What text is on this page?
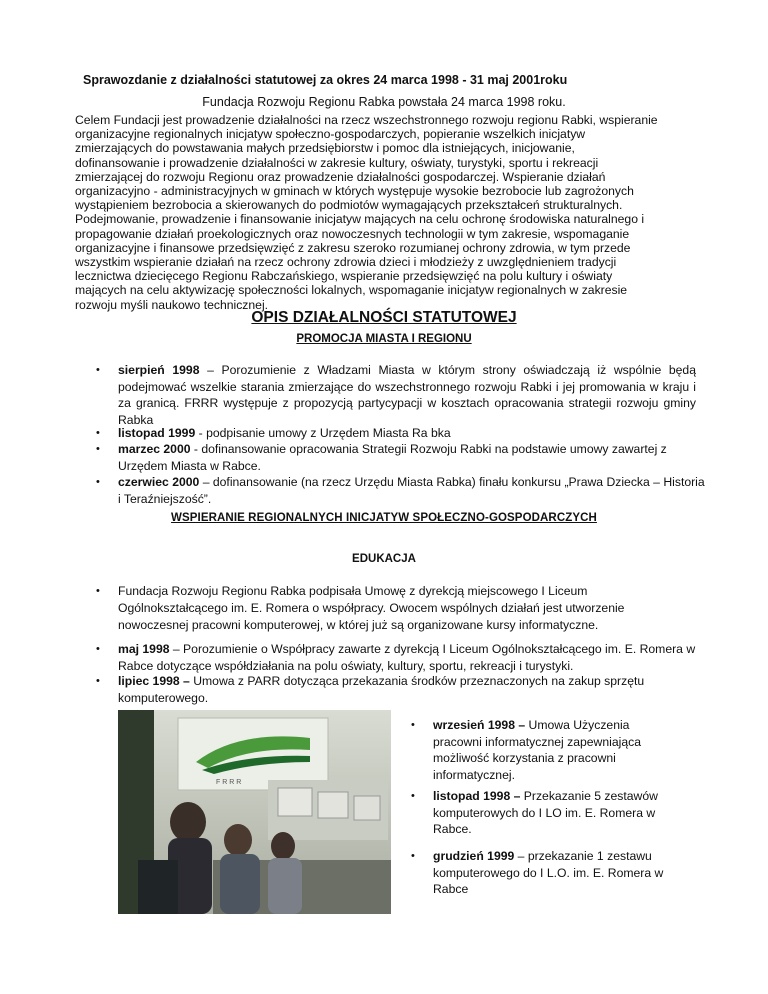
Sprawozdanie z działalności statutowej za okres 24 marca 1998 - 31 maj 2001roku
Fundacja Rozwoju Regionu Rabka powstała 24 marca 1998 roku.
Celem Fundacji jest prowadzenie działalności na rzecz wszechstronnego rozwoju regionu Rabki, wspieranie
organizacyjne regionalnych inicjatyw społeczno-gospodarczych, popieranie wszelkich inicjatyw
zmierzających do powstawania małych przedsiębiorstw i pomoc dla istniejących, inicjowanie,
dofinansowanie i prowadzenie działalności w zakresie kultury, oświaty, turystyki, sportu i rekreacji
zmierzającej do rozwoju Regionu oraz prowadzenie działalności gospodarczej. Wspieranie działań
organizacyjno - administracyjnych w gminach w których występuje wysokie bezrobocie lub zagrożonych
wystąpieniem bezrobocia a skierowanych do podmiotów wymagających przekształceń strukturalnych.
Podejmowanie, prowadzenie i finansowanie inicjatyw mających na celu ochronę środowiska naturalnego i
propagowanie działań proekologicznych oraz nowoczesnych technologii w tym zakresie, wspomaganie
organizacyjne i finansowe przedsięwzięć z zakresu szeroko rozumianej ochrony zdrowia, w tym przede
wszystkim wspieranie działań na rzecz ochrony zdrowia dzieci i młodzieży z uwzględnieniem tradycji
lecznictwa dziecięcego Regionu Rabczańskiego, wspieranie przedsięwzięć na polu kultury i oświaty
mających na celu aktywizację społeczności lokalnych, wspomaganie inicjatyw regionalnych w zakresie
rozwoju myśli naukowo technicznej.
OPIS DZIAŁALNOŚCI STATUTOWEJ
PROMOCJA MIASTA I REGIONU
• sierpień 1998 – Porozumienie z Władzami Miasta w którym strony oświadczają iż wspólnie będą podejmować wszelkie starania zmierzające do wszechstronnego rozwoju Rabki i jej promowania w kraju i za granicą. FRRR występuje z propozycją partycypacji w kosztach opracowania strategii rozwoju gminy Rabka
• listopad 1999 - podpisanie umowy z Urzędem Miasta Ra bka
• marzec 2000 - dofinansowanie opracowania Strategii Rozwoju Rabki na podstawie umowy zawartej z Urzędem Miasta w Rabce.
• czerwiec 2000 – dofinansowanie (na rzecz Urzędu Miasta Rabka) finału konkursu „Prawa Dziecka – Historia i Teraźniejszość”.
WSPIERANIE REGIONALNYCH INICJATYW SPOŁECZNO-GOSPODARCZYCH
EDUKACJA
• Fundacja Rozwoju Regionu Rabka podpisała Umowę z dyrekcją miejscowego I Liceum Ogólnokształcącego im. E. Romera o współpracy. Owocem wspólnych działań jest utworzenie nowoczesnej pracowni komputerowej, w której już są organizowane kursy informatyczne.
• maj 1998 – Porozumienie o Współpracy zawarte z dyrekcją I Liceum Ogólnokształcącego im. E. Romera w Rabce dotyczące współdziałania na polu oświaty, kultury, sportu, rekreacji i turystyki.
• lipiec 1998 – Umowa z PARR dotycząca przekazania środków przeznaczonych na zakup sprzętu komputerowego.
F R R R
• wrzesień 1998 – Umowa Użyczenia pracowni informatycznej zapewniająca możliwość korzystania z pracowni informatycznej.
• listopad 1998 – Przekazanie 5 zestawów komputerowych do I LO im. E. Romera w Rabce.
• grudzień 1999 – przekazanie 1 zestawu komputerowego do I L.O. im. E. Romera w Rabce
